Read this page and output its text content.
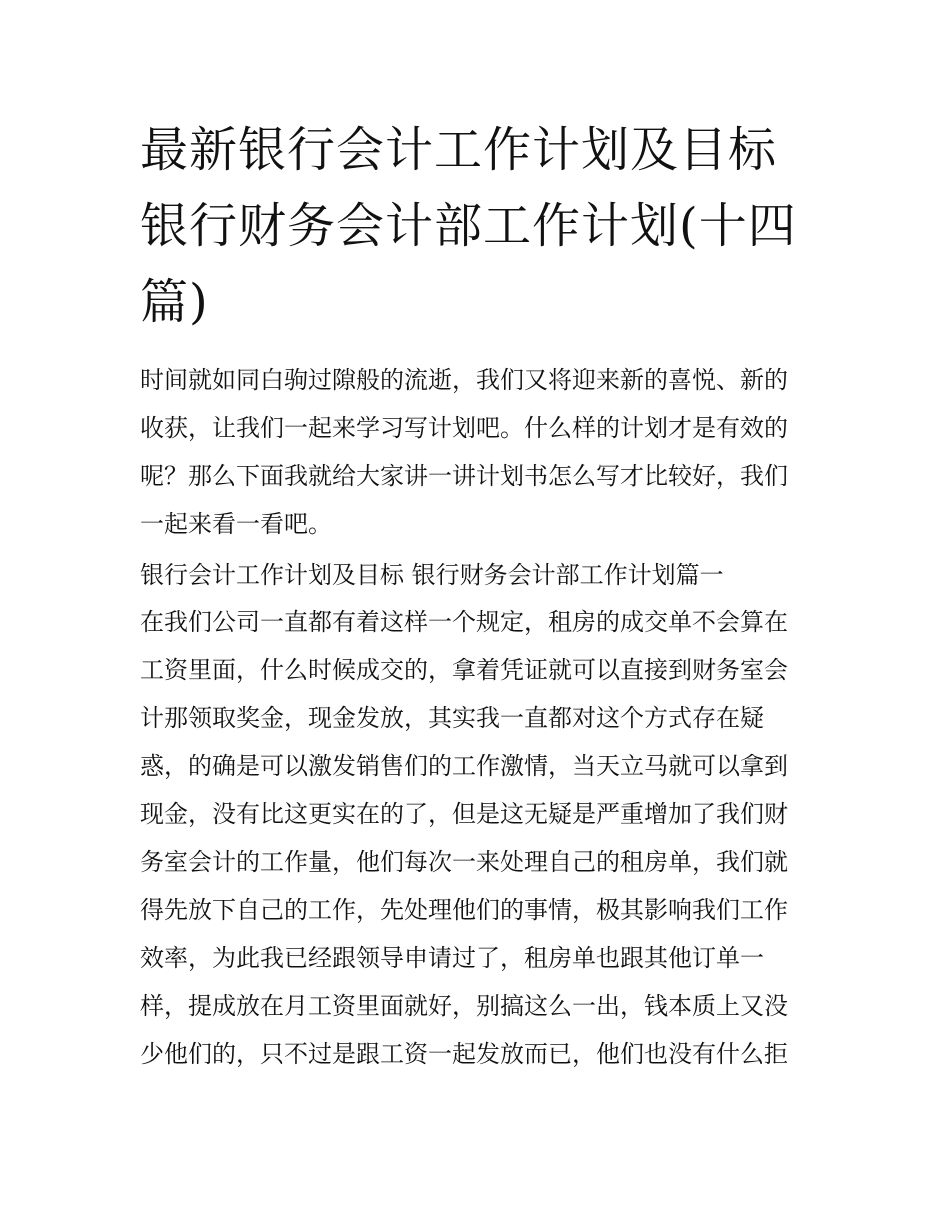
最新银行会计工作计划及目标
银行财务会计部工作计划(十四
篇)

时间就如同白驹过隙般的流逝，我们又将迎来新的喜悦、新的
收获，让我们一起来学习写计划吧。什么样的计划才是有效的
呢？那么下面我就给大家讲一讲计划书怎么写才比较好，我们
一起来看一看吧。

银行会计工作计划及目标 银行财务会计部工作计划篇一

在我们公司一直都有着这样一个规定，租房的成交单不会算在
工资里面，什么时候成交的，拿着凭证就可以直接到财务室会
计那领取奖金，现金发放，其实我一直都对这个方式存在疑
惑，的确是可以激发销售们的工作激情，当天立马就可以拿到
现金，没有比这更实在的了，但是这无疑是严重增加了我们财
务室会计的工作量，他们每次一来处理自己的租房单，我们就
得先放下自己的工作，先处理他们的事情，极其影响我们工作
效率，为此我已经跟领导申请过了，租房单也跟其他订单一
样，提成放在月工资里面就好，别搞这么一出，钱本质上又没
少他们的，只不过是跟工资一起发放而已，他们也没有什么拒
